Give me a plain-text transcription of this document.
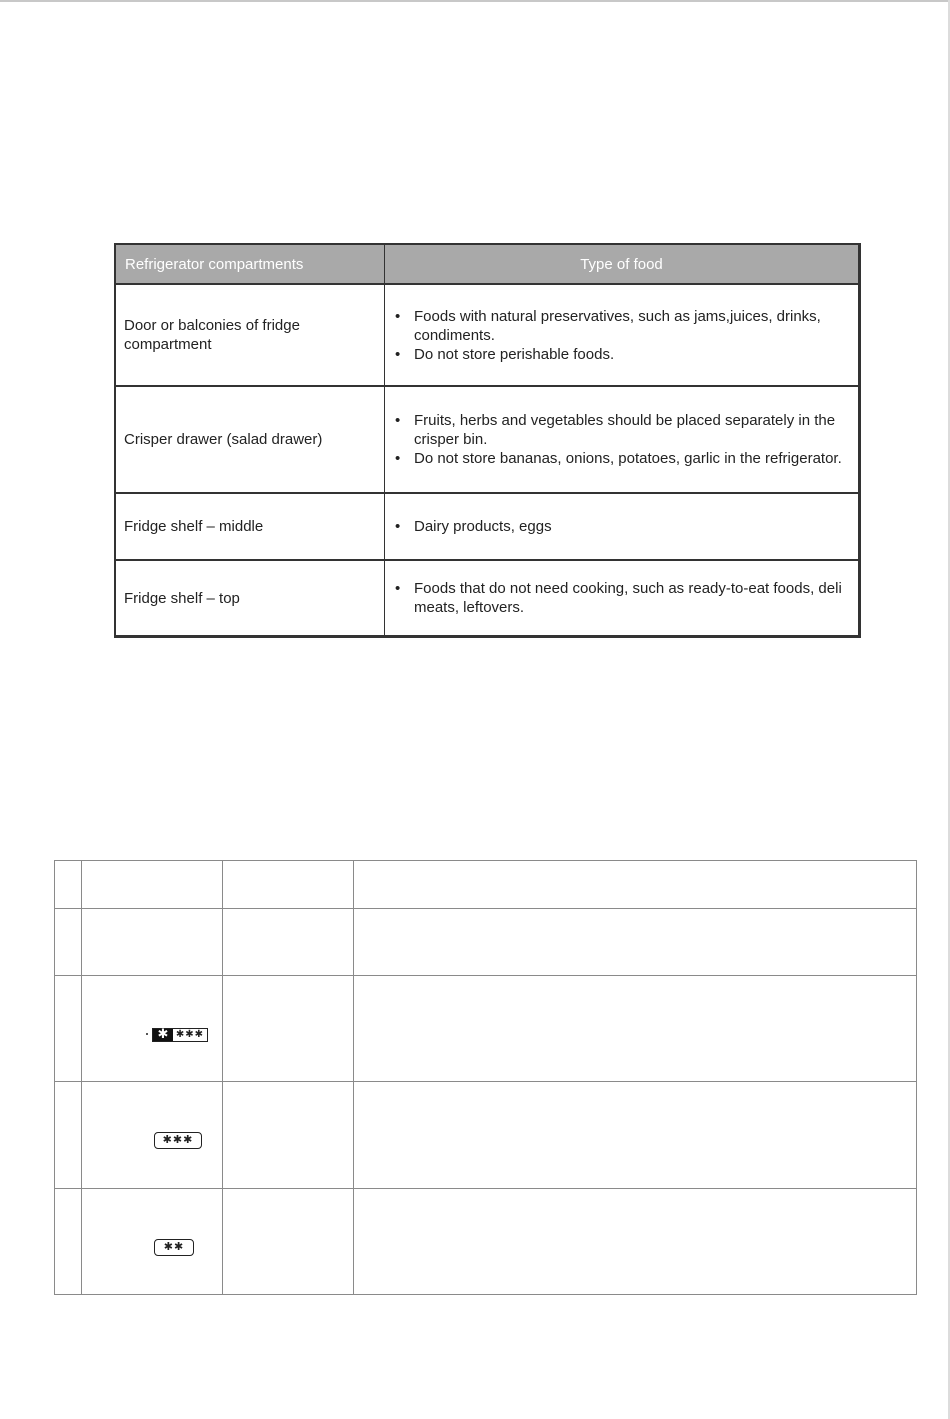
Refrigerator compartments	Type of food
Door or balconies of fridge compartment
• Foods with natural preservatives, such as jams,juices, drinks, condiments.
• Do not store perishable foods.
Crisper drawer (salad drawer)
• Fruits, herbs and vegetables should be placed separately in the crisper bin.
• Do not store bananas, onions, potatoes, garlic in the refrigerator.
Fridge shelf – middle
•	Dairy products, eggs
Fridge shelf – top
• Foods that do not need cooking, such as ready-to-eat foods, deli meats, leftovers.
✱ ✱✱✱
✱✱✱
✱✱
